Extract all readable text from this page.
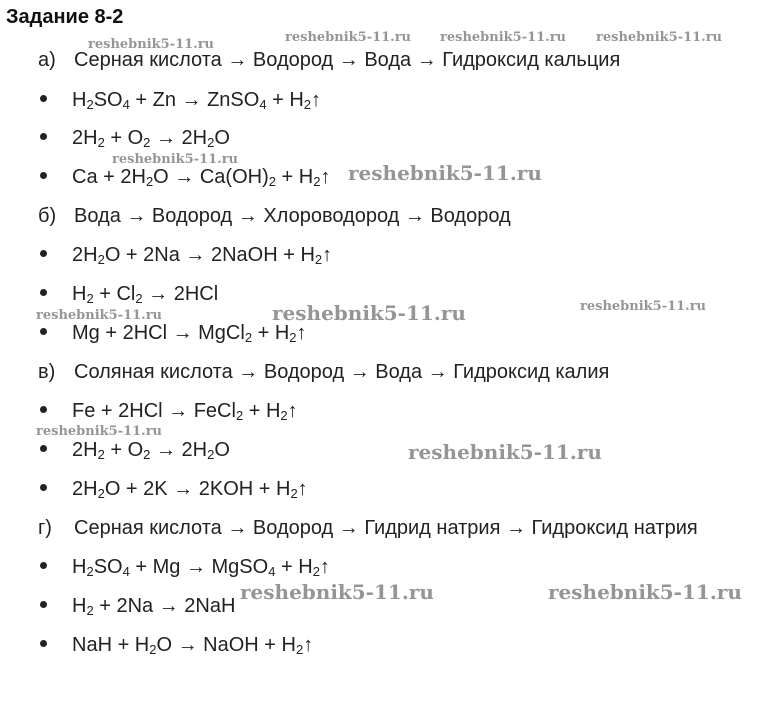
Задание 8-2
а) Серная кислота → Водород → Вода → Гидроксид кальция
$H_2SO_4 + Zn$ → ZnSO$_4$ + $H_2↑$
$2H_2 + O_2 \to 2H_2O$
$Ca + 2H_2O \to Ca(OH)_2$ + $H_2↑$
б) Вода → Водород → Хлороводород → Водород
$2H_2O + 2Na$ → 2NaOH + $H_2↑$
$H_2 + Cl_2 \to 2HCl$
Mg + 2HCl → MgCl$_2$ + $H_2↑$
в) Соляная кислота → Водород → Вода → Гидроксид калия
Fe + 2HCl → FeCl$_2$ + $H_2↑$
$2H_2 + O_2 \to 2H_2O$
$2H_2O + 2K \to 2KOH$ + $H_2↑$
г) Серная кислота → Водород → Гидрид натрия → Гидроксид натрия
$H_2SO_4 + Mg$ → MgSO$_4$ + $H_2↑$
$H_2 + 2Na \to 2NaH$
NaH + $H_2O$ → NaOH + $H_2↑$
reshebnik5-11.ru reshebnik5-11.ru reshebnik5-11.ru
reshebnik5-11.ru
reshebnik5-11.ru
reshebnik5-11.ru
reshebnik5-11.ru	reshebnik5-11.ru	reshebnik5-11.ru
reshebnik5-11.ru
reshebnik5-11.ru
reshebnik5-11.ru	reshebnik5-11.ru
